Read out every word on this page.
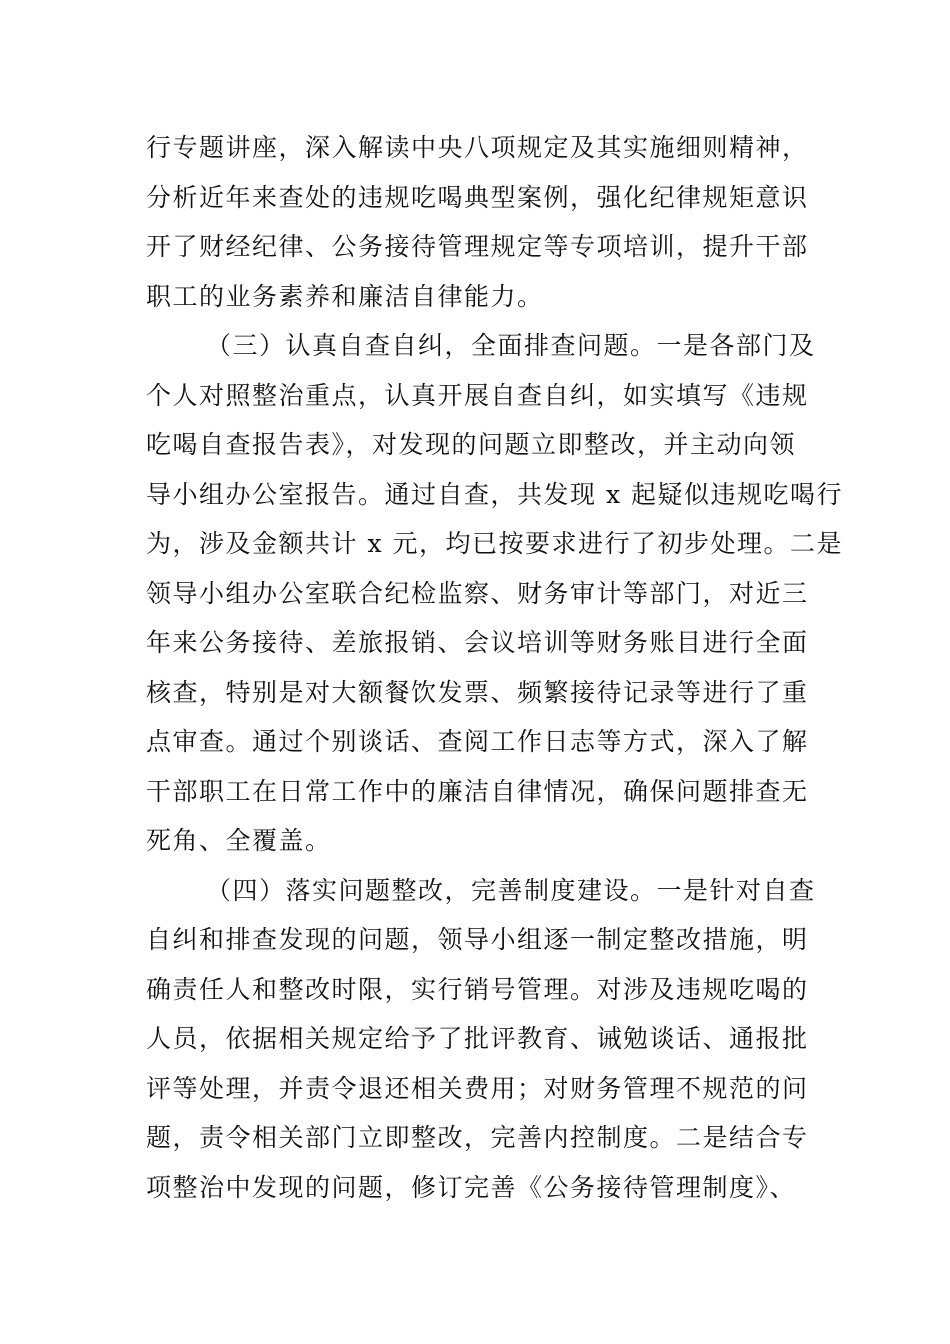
行专题讲座，深入解读中央八项规定及其实施细则精神，
分析近年来查处的违规吃喝典型案例，强化纪律规矩意识
开了财经纪律、公务接待管理规定等专项培训，提升干部
职工的业务素养和廉洁自律能力。
（三）认真自查自纠，全面排查问题。一是各部门及
个人对照整治重点，认真开展自查自纠，如实填写《违规
吃喝自查报告表》，对发现的问题立即整改，并主动向领
导小组办公室报告。通过自查，共发现 x 起疑似违规吃喝行
为，涉及金额共计 x 元，均已按要求进行了初步处理。二是
领导小组办公室联合纪检监察、财务审计等部门，对近三
年来公务接待、差旅报销、会议培训等财务账目进行全面
核查，特别是对大额餐饮发票、频繁接待记录等进行了重
点审查。通过个别谈话、查阅工作日志等方式，深入了解
干部职工在日常工作中的廉洁自律情况，确保问题排查无
死角、全覆盖。
（四）落实问题整改，完善制度建设。一是针对自查
自纠和排查发现的问题，领导小组逐一制定整改措施，明
确责任人和整改时限，实行销号管理。对涉及违规吃喝的
人员，依据相关规定给予了批评教育、诫勉谈话、通报批
评等处理，并责令退还相关费用；对财务管理不规范的问
题，责令相关部门立即整改，完善内控制度。二是结合专
项整治中发现的问题，修订完善《公务接待管理制度》、
